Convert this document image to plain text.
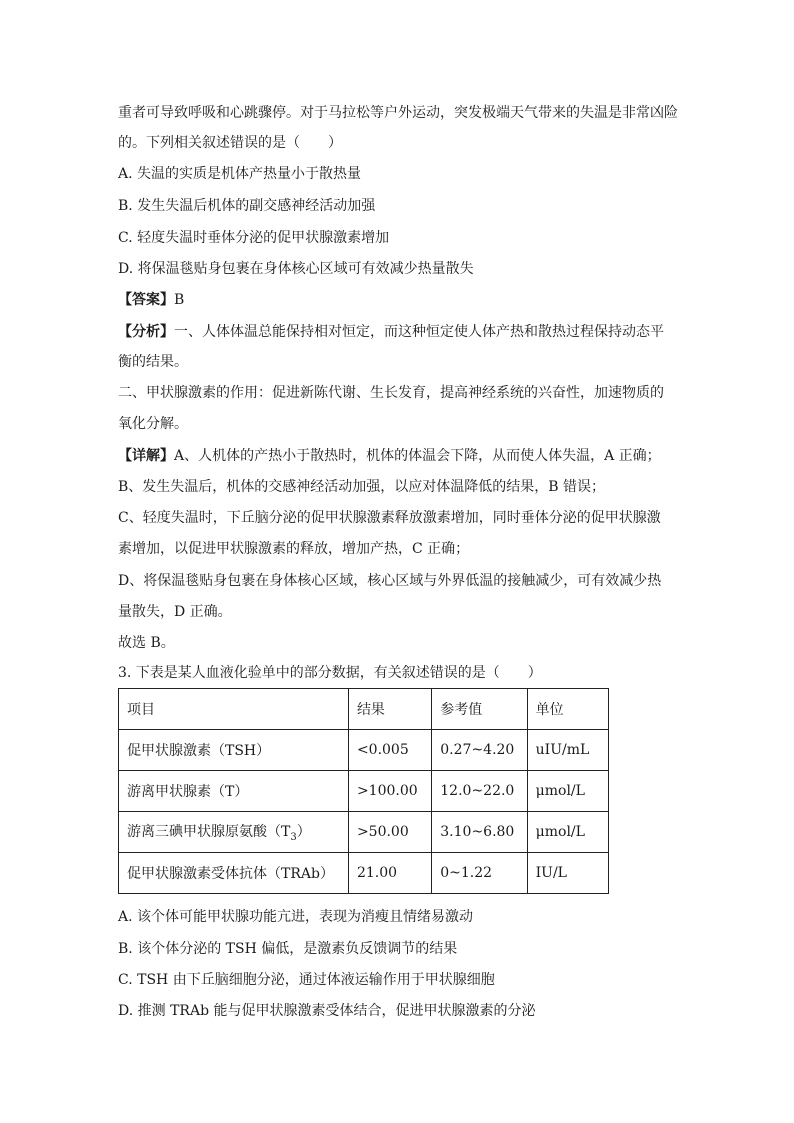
重者可导致呼吸和心跳骤停。对于马拉松等户外运动，突发极端天气带来的失温是非常凶险
的。下列相关叙述错误的是（　　）
A. 失温的实质是机体产热量小于散热量
B. 发生失温后机体的副交感神经活动加强
C. 轻度失温时垂体分泌的促甲状腺激素增加
D. 将保温毯贴身包裹在身体核心区域可有效减少热量散失
【答案】B
【分析】一、人体体温总能保持相对恒定，而这种恒定使人体产热和散热过程保持动态平
衡的结果。
二、甲状腺激素的作用：促进新陈代谢、生长发育，提高神经系统的兴奋性，加速物质的
氧化分解。
【详解】A、人机体的产热小于散热时，机体的体温会下降，从而使人体失温，A 正确；
B、发生失温后，机体的交感神经活动加强，以应对体温降低的结果，B 错误；
C、轻度失温时，下丘脑分泌的促甲状腺激素释放激素增加，同时垂体分泌的促甲状腺激
素增加，以促进甲状腺激素的释放，增加产热，C 正确；
D、将保温毯贴身包裹在身体核心区域，核心区域与外界低温的接触减少，可有效减少热
量散失，D 正确。
故选 B。
3. 下表是某人血液化验单中的部分数据，有关叙述错误的是（　　）
项目	结果	参考值	单位
促甲状腺激素（TSH）	<0.005	0.27~4.20	uIU/mL
游离甲状腺素（T）	>100.00	12.0~22.0	μmol/L
游离三碘甲状腺原氨酸$(T_3)$	>50.00	3.10~6.80	μmol/L
促甲状腺激素受体抗体（TRAb）	21.00	0~1.22	IU/L
A. 该个体可能甲状腺功能亢进，表现为消瘦且情绪易激动
B. 该个体分泌的 TSH 偏低，是激素负反馈调节的结果
C. TSH 由下丘脑细胞分泌，通过体液运输作用于甲状腺细胞
D. 推测 TRAb 能与促甲状腺激素受体结合，促进甲状腺激素的分泌
